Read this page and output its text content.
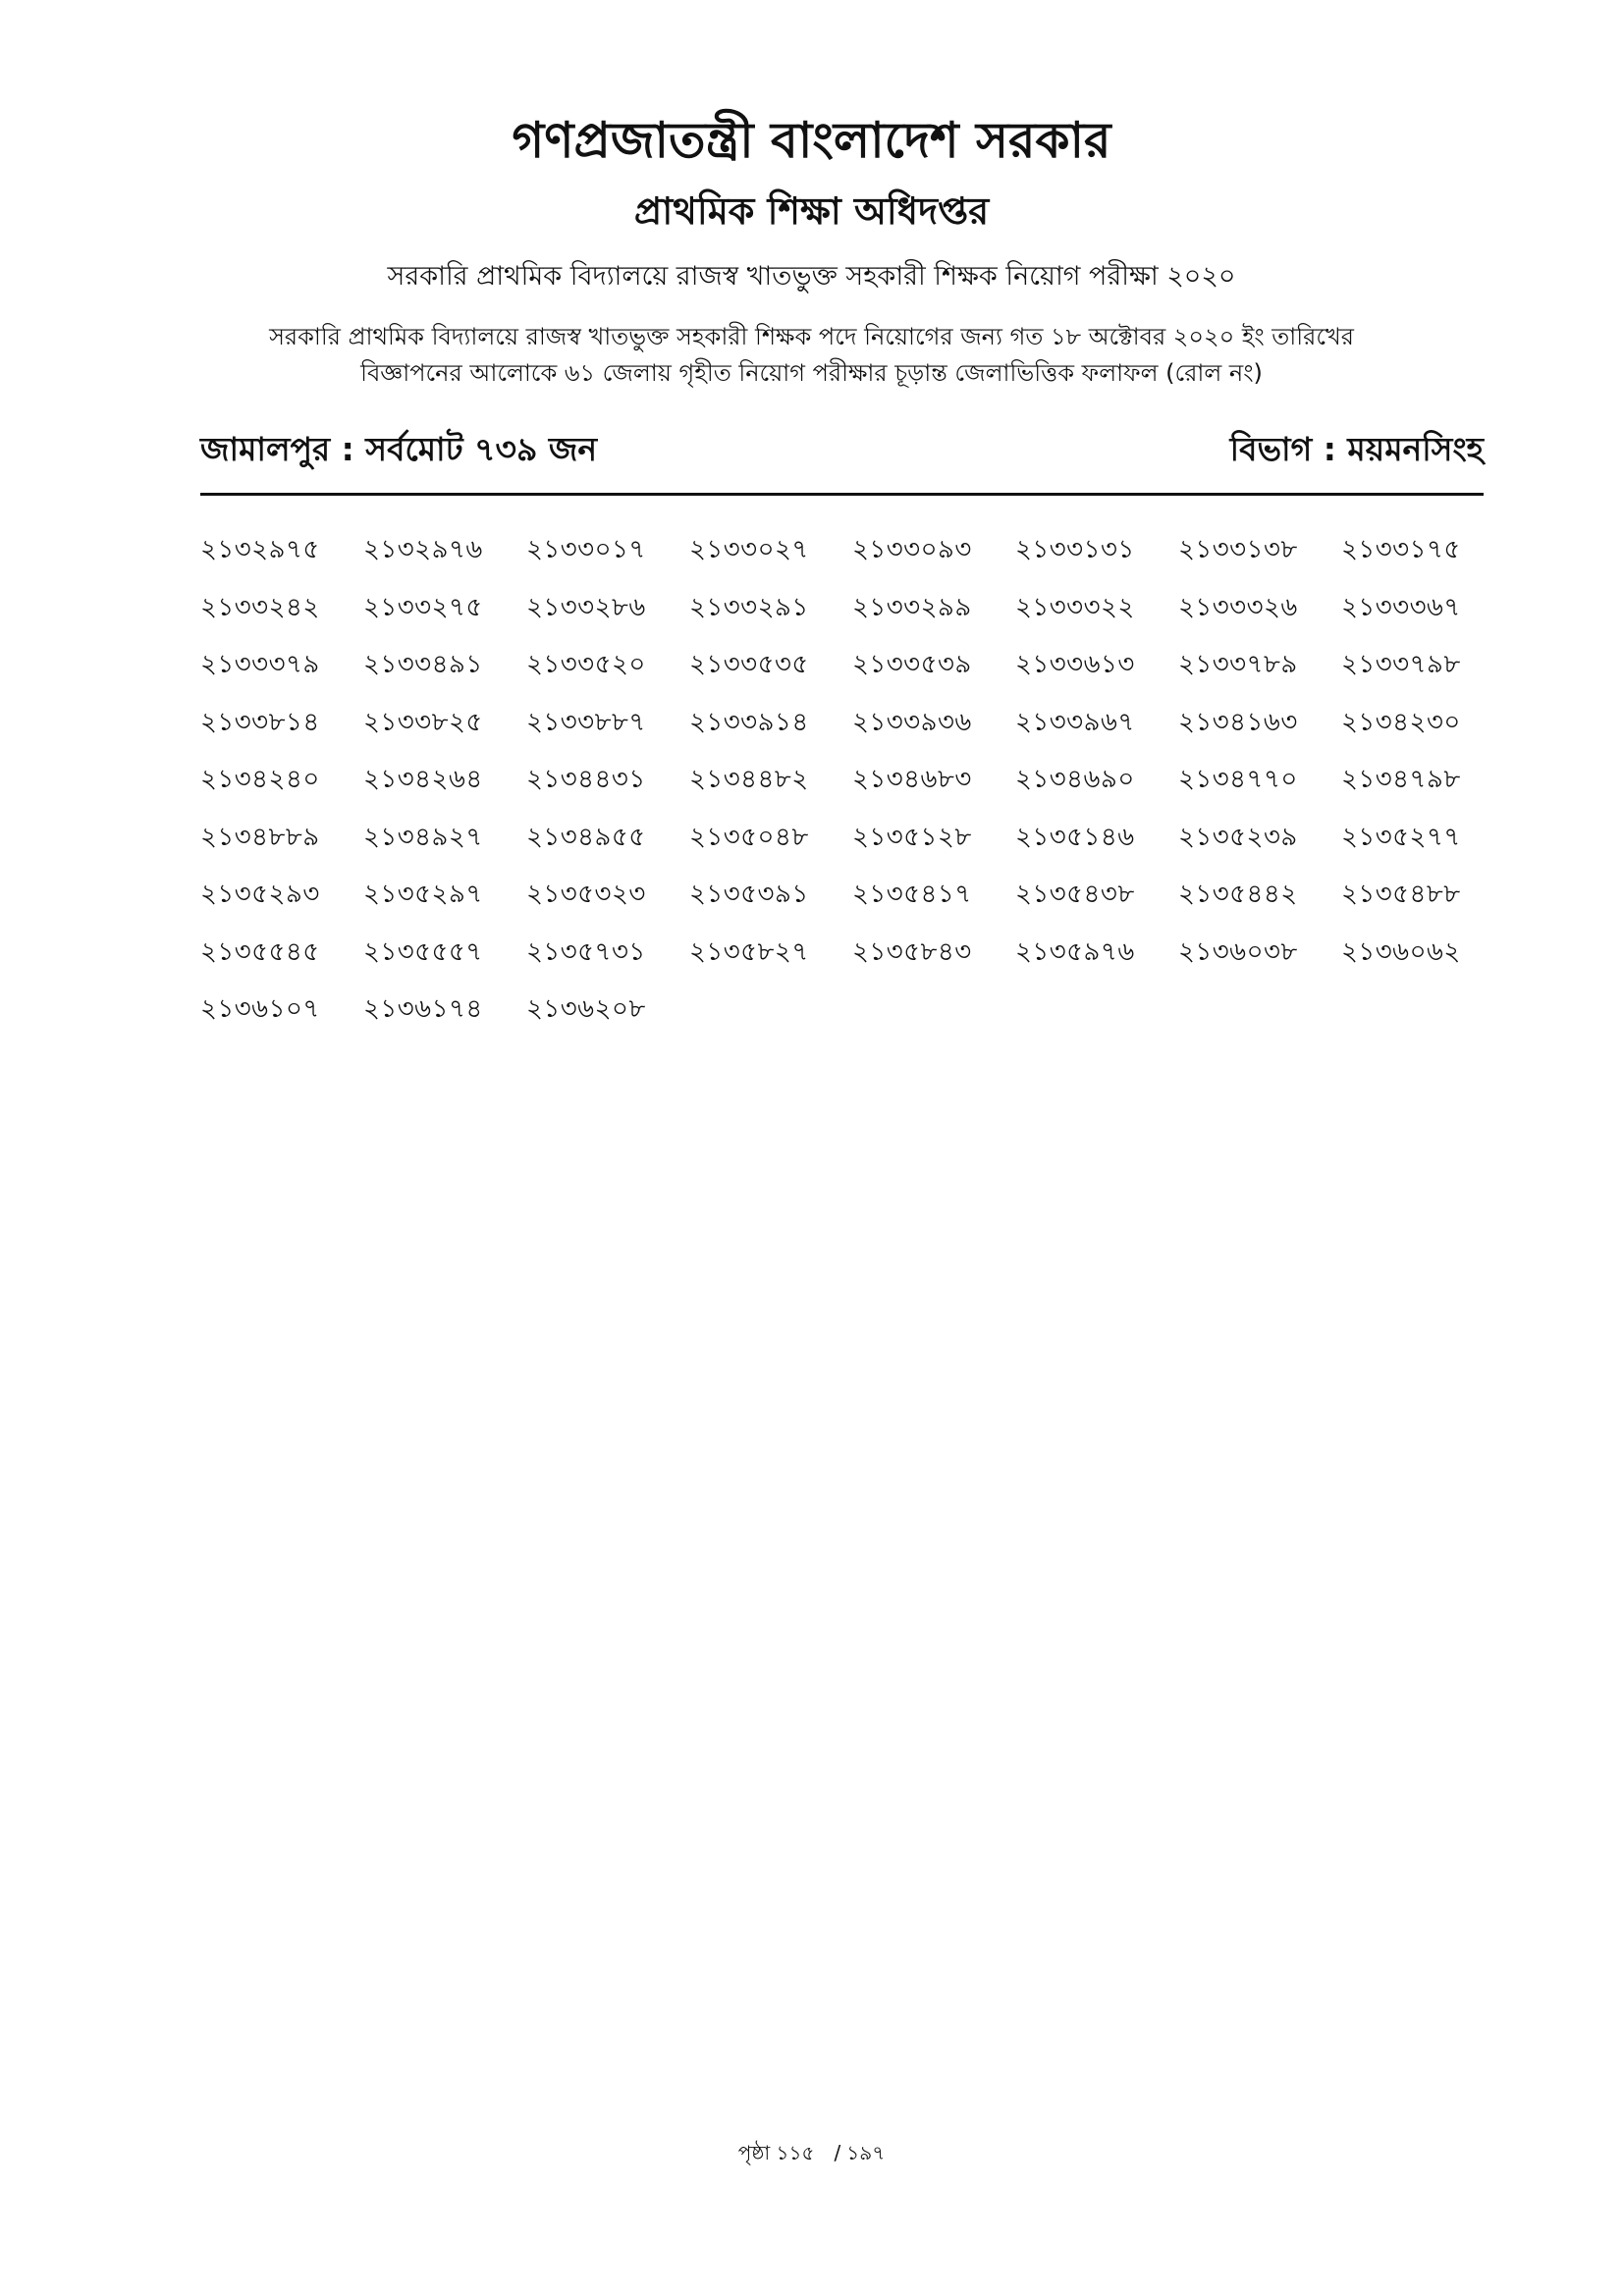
গণপ্রজাতন্ত্রী বাংলাদেশ সরকার
প্রাথমিক শিক্ষা অধিদপ্তর
সরকারি প্রাথমিক বিদ্যালয়ে রাজস্ব খাতভুক্ত সহকারী শিক্ষক নিয়োগ পরীক্ষা ২০২০
সরকারি প্রাথমিক বিদ্যালয়ে রাজস্ব খাতভুক্ত সহকারী শিক্ষক পদে নিয়োগের জন্য গত ১৮ অক্টোবর ২০২০ ইং তারিখের
বিজ্ঞাপনের আলোকে ৬১ জেলায় গৃহীত নিয়োগ পরীক্ষার চূড়ান্ত জেলাভিত্তিক ফলাফল (রোল নং)
জামালপুর : সর্বমোট ৭৩৯ জন	বিভাগ : ময়মনসিংহ
২১৩২৯৭৫	২১৩২৯৭৬	২১৩৩০১৭	২১৩৩০২৭	২১৩৩০৯৩	২১৩৩১৩১	২১৩৩১৩৮	২১৩৩১৭৫
২১৩৩২৪২	২১৩৩২৭৫	২১৩৩২৮৬	২১৩৩২৯১	২১৩৩২৯৯	২১৩৩৩২২	২১৩৩৩২৬	২১৩৩৩৬৭
২১৩৩৩৭৯	২১৩৩৪৯১	২১৩৩৫২০	২১৩৩৫৩৫	২১৩৩৫৩৯	২১৩৩৬১৩	২১৩৩৭৮৯	২১৩৩৭৯৮
২১৩৩৮১৪	২১৩৩৮২৫	২১৩৩৮৮৭	২১৩৩৯১৪	২১৩৩৯৩৬	২১৩৩৯৬৭	২১৩৪১৬৩	২১৩৪২৩০
২১৩৪২৪০	২১৩৪২৬৪	২১৩৪৪৩১	২১৩৪৪৮২	২১৩৪৬৮৩	২১৩৪৬৯০	২১৩৪৭৭০	২১৩৪৭৯৮
২১৩৪৮৮৯	২১৩৪৯২৭	২১৩৪৯৫৫	২১৩৫০৪৮	২১৩৫১২৮	২১৩৫১৪৬	২১৩৫২৩৯	২১৩৫২৭৭
২১৩৫২৯৩	২১৩৫২৯৭	২১৩৫৩২৩	২১৩৫৩৯১	২১৩৫৪১৭	২১৩৫৪৩৮	২১৩৫৪৪২	২১৩৫৪৮৮
২১৩৫৫৪৫	২১৩৫৫৫৭	২১৩৫৭৩১	২১৩৫৮২৭	২১৩৫৮৪৩	২১৩৫৯৭৬	২১৩৬০৩৮	২১৩৬০৬২
২১৩৬১০৭	২১৩৬১৭৪	২১৩৬২০৮
পৃষ্ঠা ১১৫ / ১৯৭
